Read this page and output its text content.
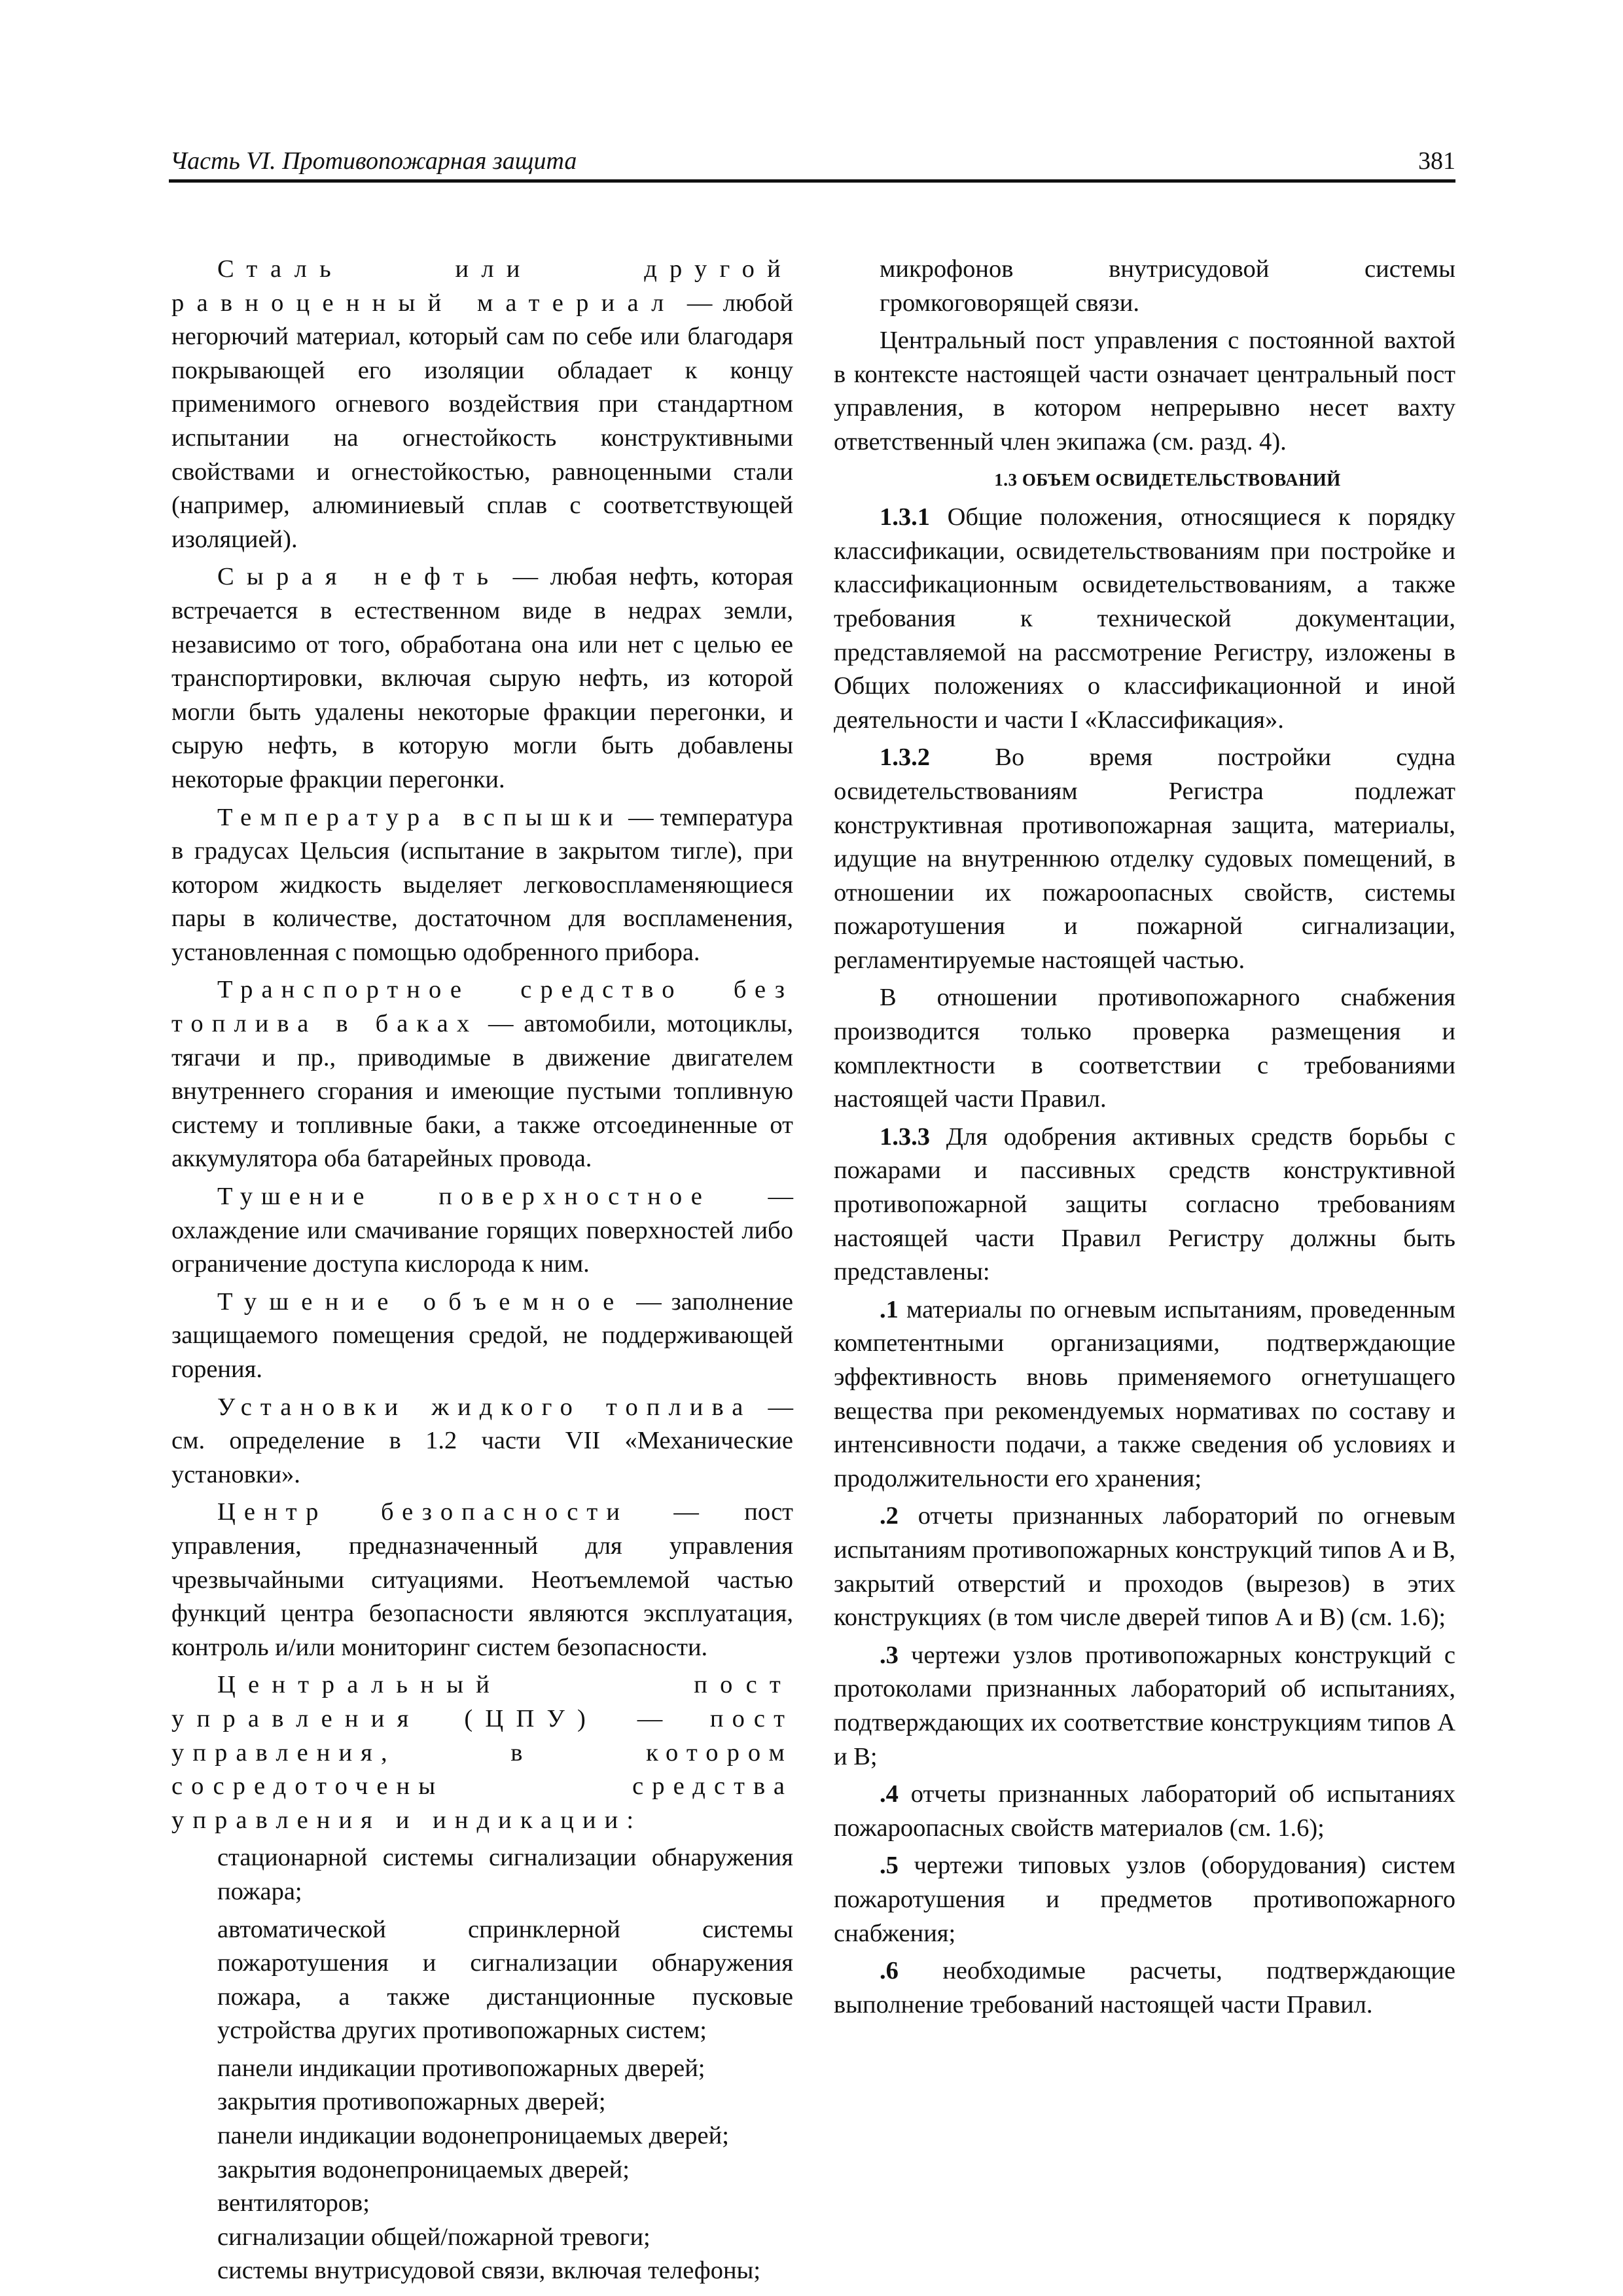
Часть VI. Противопожарная защита	381

Сталь или другой равноценный материал — любой негорючий материал, который сам по себе или благодаря покрывающей его изоляции обладает к концу применимого огневого воздействия при стандартном испытании на огнестойкость конструктивными свойствами и огнестойкостью, равноценными стали (например, алюминиевый сплав с соответствующей изоляцией).

Сырая нефть — любая нефть, которая встречается в естественном виде в недрах земли, независимо от того, обработана она или нет с целью ее транспортировки, включая сырую нефть, из которой могли быть удалены некоторые фракции перегонки, и сырую нефть, в которую могли быть добавлены некоторые фракции перегонки.

Температура вспышки — температура в градусах Цельсия (испытание в закрытом тигле), при котором жидкость выделяет легковоспламеняющиеся пары в количестве, достаточном для воспламенения, установленная с помощью одобренного прибора.

Транспортное средство без топлива в баках — автомобили, мотоциклы, тягачи и пр., приводимые в движение двигателем внутреннего сгорания и имеющие пустыми топливную систему и топливные баки, а также отсоединенные от аккумулятора оба батарейных провода.

Тушение поверхностное — охлаждение или смачивание горящих поверхностей либо ограничение доступа кислорода к ним.

Тушение объемное — заполнение защищаемого помещения средой, не поддерживающей горения.

Установки жидкого топлива — см. определение в 1.2 части VII «Механические установки».

Центр безопасности — пост управления, предназначенный для управления чрезвычайными ситуациями. Неотъемлемой частью функций центра безопасности являются эксплуатация, контроль и/или мониторинг систем безопасности.

Центральный пост управления (ЦПУ) — пост управления, в котором сосредоточены средства управления и индикации:

стационарной системы сигнализации обнаружения пожара;

автоматической спринклерной системы пожаротушения и сигнализации обнаружения пожара, а также дистанционные пусковые устройства других противопожарных систем;

панели индикации противопожарных дверей;

закрытия противопожарных дверей;

панели индикации водонепроницаемых дверей;

закрытия водонепроницаемых дверей;

вентиляторов;

сигнализации общей/пожарной тревоги;

системы внутрисудовой связи, включая телефоны;

микрофонов внутрисудовой системы громкоговорящей связи.

Центральный пост управления с постоянной вахтой в контексте настоящей части означает центральный пост управления, в котором непрерывно несет вахту ответственный член экипажа (см. разд. 4).

1.3 ОБЪЕМ ОСВИДЕТЕЛЬСТВОВАНИЙ

1.3.1 Общие положения, относящиеся к порядку классификации, освидетельствованиям при постройке и классификационным освидетельствованиям, а также требования к технической документации, представляемой на рассмотрение Регистру, изложены в Общих положениях о классификационной и иной деятельности и части I «Классификация».

1.3.2 Во время постройки судна освидетельствованиям Регистра подлежат конструктивная противопожарная защита, материалы, идущие на внутреннюю отделку судовых помещений, в отношении их пожароопасных свойств, системы пожаротушения и пожарной сигнализации, регламентируемые настоящей частью.

В отношении противопожарного снабжения производится только проверка размещения и комплектности в соответствии с требованиями настоящей части Правил.

1.3.3 Для одобрения активных средств борьбы с пожарами и пассивных средств конструктивной противопожарной защиты согласно требованиям настоящей части Правил Регистру должны быть представлены:

.1 материалы по огневым испытаниям, проведенным компетентными организациями, подтверждающие эффективность вновь применяемого огнетушащего вещества при рекомендуемых нормативах по составу и интенсивности подачи, а также сведения об условиях и продолжительности его хранения;

.2 отчеты признанных лабораторий по огневым испытаниям противопожарных конструкций типов А и В, закрытий отверстий и проходов (вырезов) в этих конструкциях (в том числе дверей типов А и В) (см. 1.6);

.3 чертежи узлов противопожарных конструкций с протоколами признанных лабораторий об испытаниях, подтверждающих их соответствие конструкциям типов А и В;

.4 отчеты признанных лабораторий об испытаниях пожароопасных свойств материалов (см. 1.6);

.5 чертежи типовых узлов (оборудования) систем пожаротушения и предметов противопожарного снабжения;

.6 необходимые расчеты, подтверждающие выполнение требований настоящей части Правил.
